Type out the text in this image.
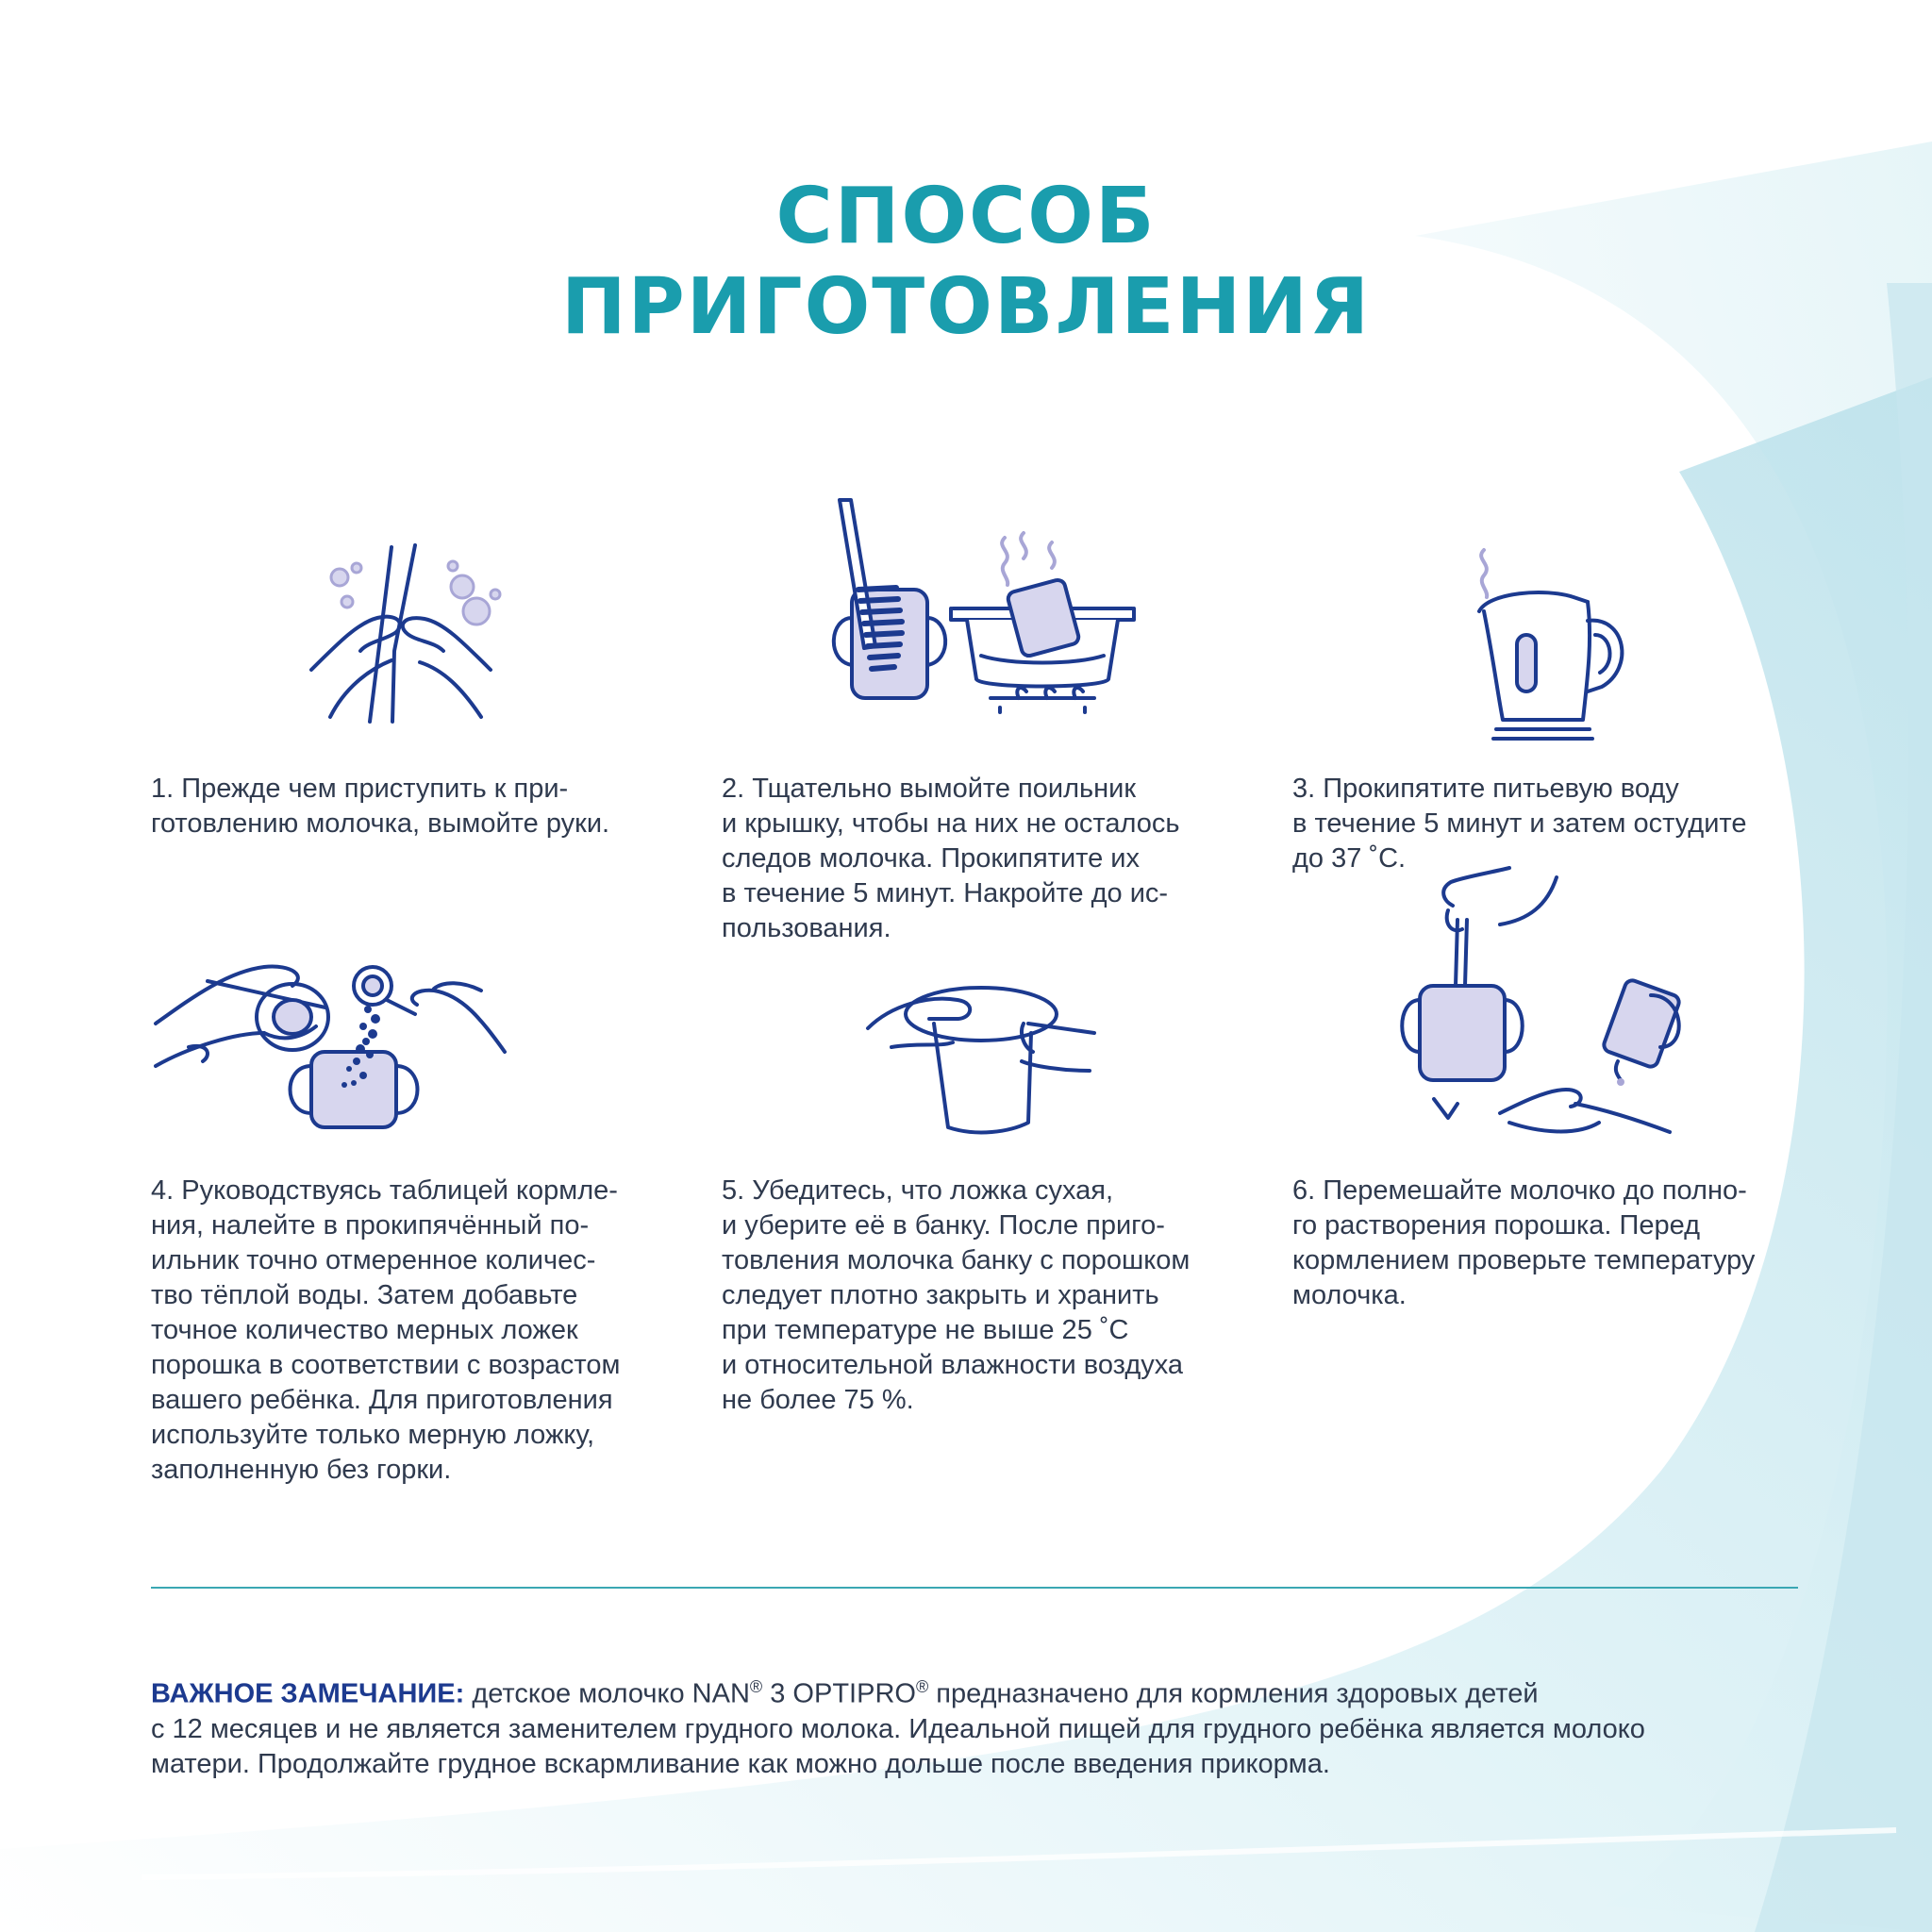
СПОСОБ
ПРИГОТОВЛЕНИЯ

1. Прежде чем приступить к при-
готовлению молочка, вымойте руки.

2. Тщательно вымойте поильник
и крышку, чтобы на них не осталось
следов молочка. Прокипятите их
в течение 5 минут. Накройте до ис-
пользования.

3. Прокипятите питьевую воду
в течение 5 минут и затем остудите
до 37 ˚С.

4. Руководствуясь таблицей кормле-
ния, налейте в прокипячённый по-
ильник точно отмеренное количес-
тво тёплой воды. Затем добавьте
точное количество мерных ложек
порошка в соответствии с возрастом
вашего ребёнка. Для приготовления
используйте только мерную ложку,
заполненную без горки.

5. Убедитесь, что ложка сухая,
и уберите её в банку. После приго-
товления молочка банку с порошком
следует плотно закрыть и хранить
при температуре не выше 25 ˚С
и относительной влажности воздуха
не более 75 %.

6. Перемешайте молочко до полно-
го растворения порошка. Перед
кормлением проверьте температуру
молочка.

ВАЖНОЕ ЗАМЕЧАНИЕ: детское молочко NAN® 3 OPTIPRO® предназначено для кормления здоровых детей
с 12 месяцев и не является заменителем грудного молока. Идеальной пищей для грудного ребёнка является молоко
матери. Продолжайте грудное вскармливание как можно дольше после введения прикорма.
